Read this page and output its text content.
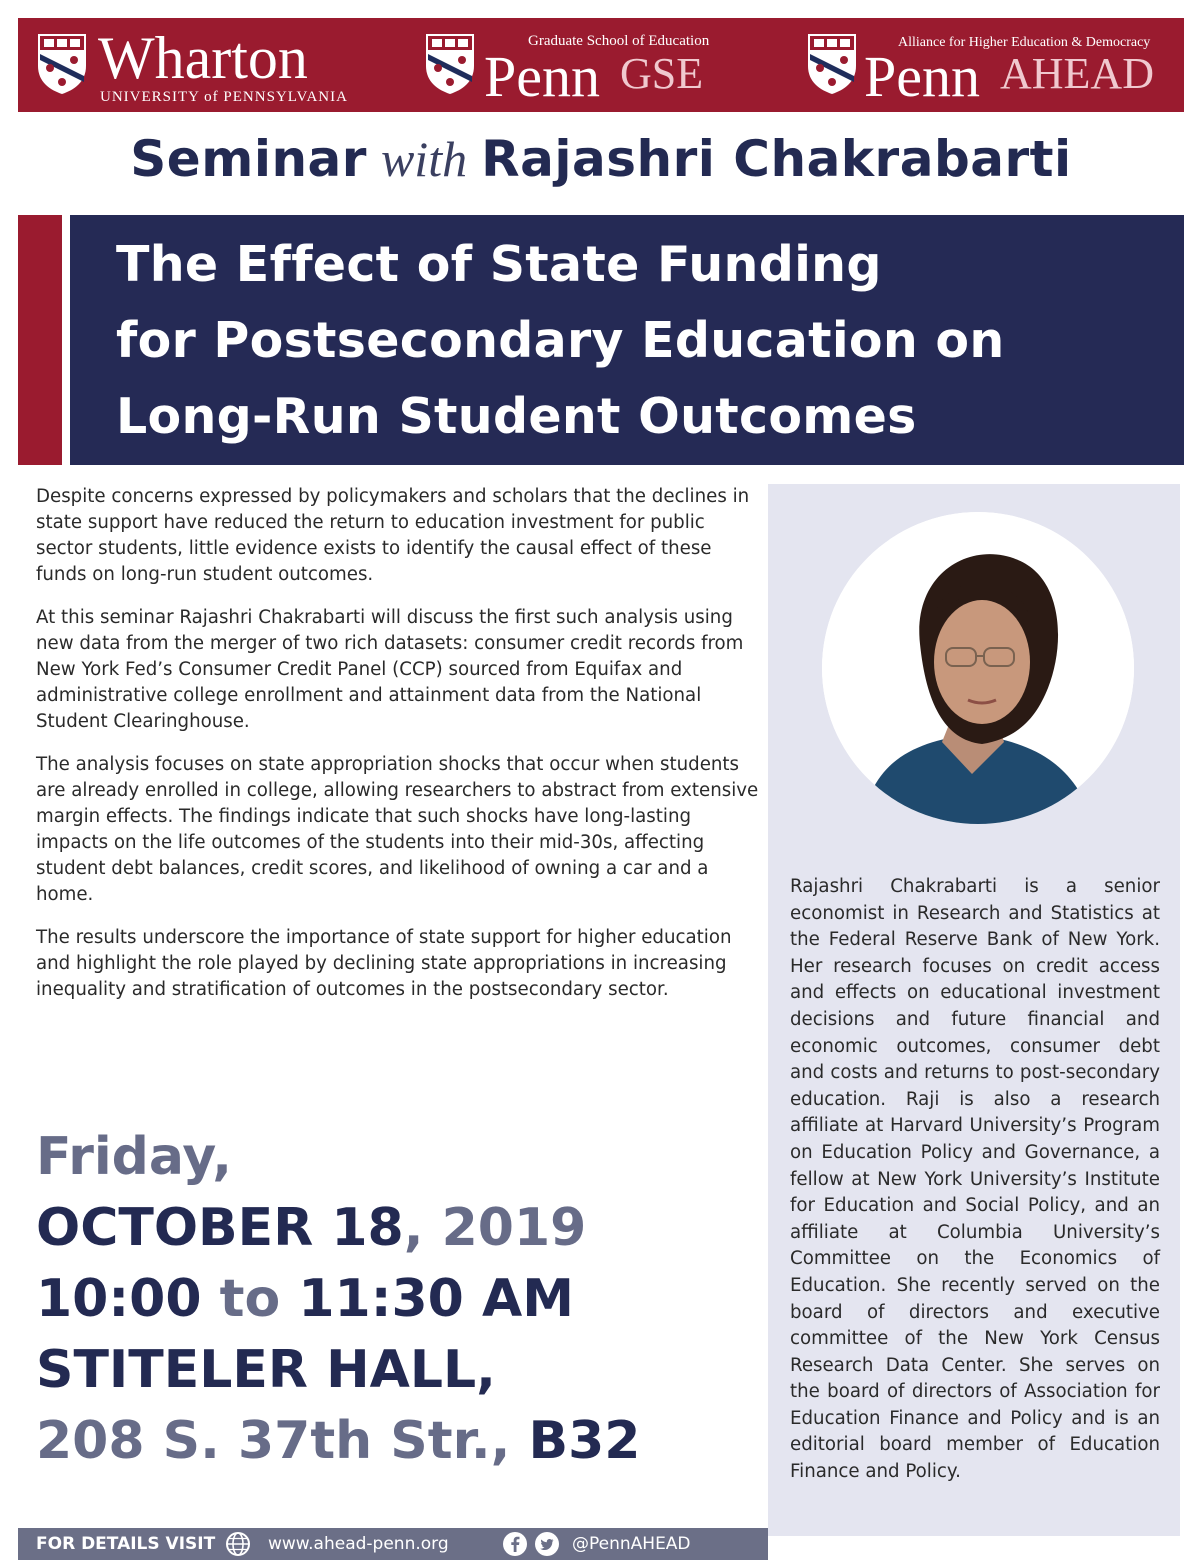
Wharton
UNIVERSITY of PENNSYLVANIA
Graduate School of Education
Penn GSE
Alliance for Higher Education & Democracy
Penn AHEAD
Seminar with Rajashri Chakrabarti
The Effect of State Funding
for Postsecondary Education on
Long-Run Student Outcomes

Despite concerns expressed by policymakers and scholars that the declines in state support have reduced the return to education investment for public sector students, little evidence exists to identify the causal effect of these funds on long-run student outcomes.

At this seminar Rajashri Chakrabarti will discuss the first such analysis using new data from the merger of two rich datasets: consumer credit records from New York Fed’s Consumer Credit Panel (CCP) sourced from Equifax and administrative college enrollment and attainment data from the National Student Clearinghouse.

The analysis focuses on state appropriation shocks that occur when students are already enrolled in college, allowing researchers to abstract from extensive margin effects. The findings indicate that such shocks have long-lasting impacts on the life outcomes of the students into their mid-30s, affecting student debt balances, credit scores, and likelihood of owning a car and a home.

The results underscore the importance of state support for higher education and highlight the role played by declining state appropriations in increasing inequality and stratification of outcomes in the postsecondary sector.

Friday,
OCTOBER 18, 2019
10:00 to 11:30 AM
STITELER HALL,
208 S. 37th Str., B32
FOR DETAILS VISIT	www.ahead-penn.org	@PennAHEAD
Rajashri Chakrabarti is a senior economist in Research and Statistics at the Federal Reserve Bank of New York. Her research focuses on credit access and effects on educational investment decisions and future financial and economic outcomes, consumer debt and costs and returns to post-secondary education. Raji is also a research affiliate at Harvard University’s Program on Education Policy and Governance, a fellow at New York University’s Institute for Education and Social Policy, and an affiliate at Columbia University’s Committee on the Economics of Education. She recently served on the board of directors and executive committee of the New York Census Research Data Center. She serves on the board of directors of Association for Education Finance and Policy and is an editorial board member of Education Finance and Policy.
